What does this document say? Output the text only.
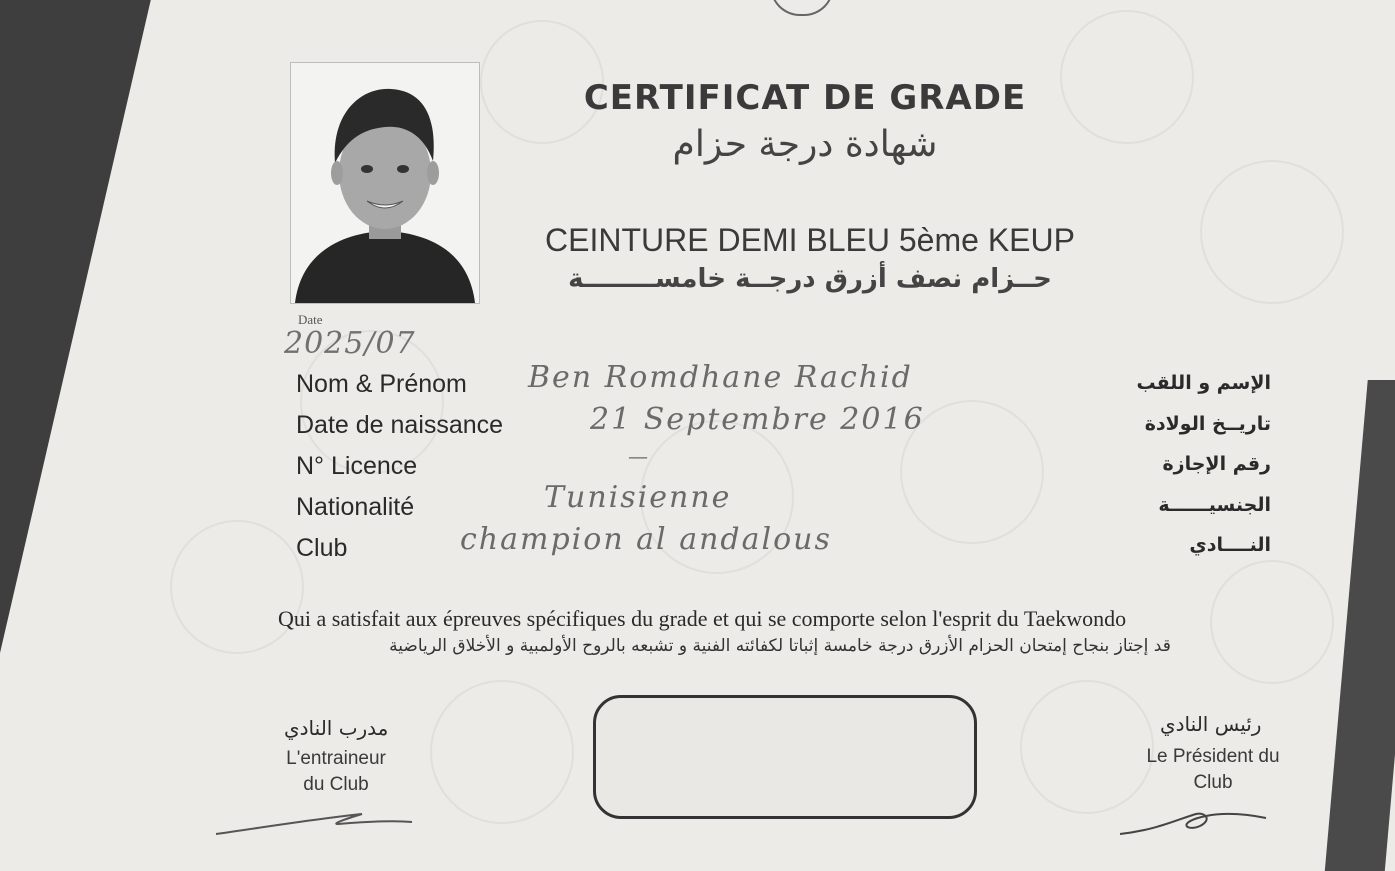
Date
2025/07
CERTIFICAT DE GRADE
شهادة درجة حزام
CEINTURE DEMI BLEU 5ème KEUP
حــزام نصف أزرق درجــة خامســــــــة
Nom & Prénom Ben Romdhane Rachid	الإسم و اللقب
Date de naissance	21 Septembre 2016	تاريــخ الولادة
N° Licence	—	رقم الإجازة
Nationalité	Tunisienne	الجنسيــــــة
Club	champion al andalous	النــــادي
Qui a satisfait aux épreuves spécifiques du grade et qui se comporte selon l'esprit du Taekwondo
قد إجتاز بنجاح إمتحان الحزام الأزرق درجة خامسة إثباتا لكفائته الفنية و تشبعه بالروح الأولمبية و الأخلاق الرياضية
مدرب النادي
L'entraineur
du Club
رئيس النادي
Le Président du
Club
